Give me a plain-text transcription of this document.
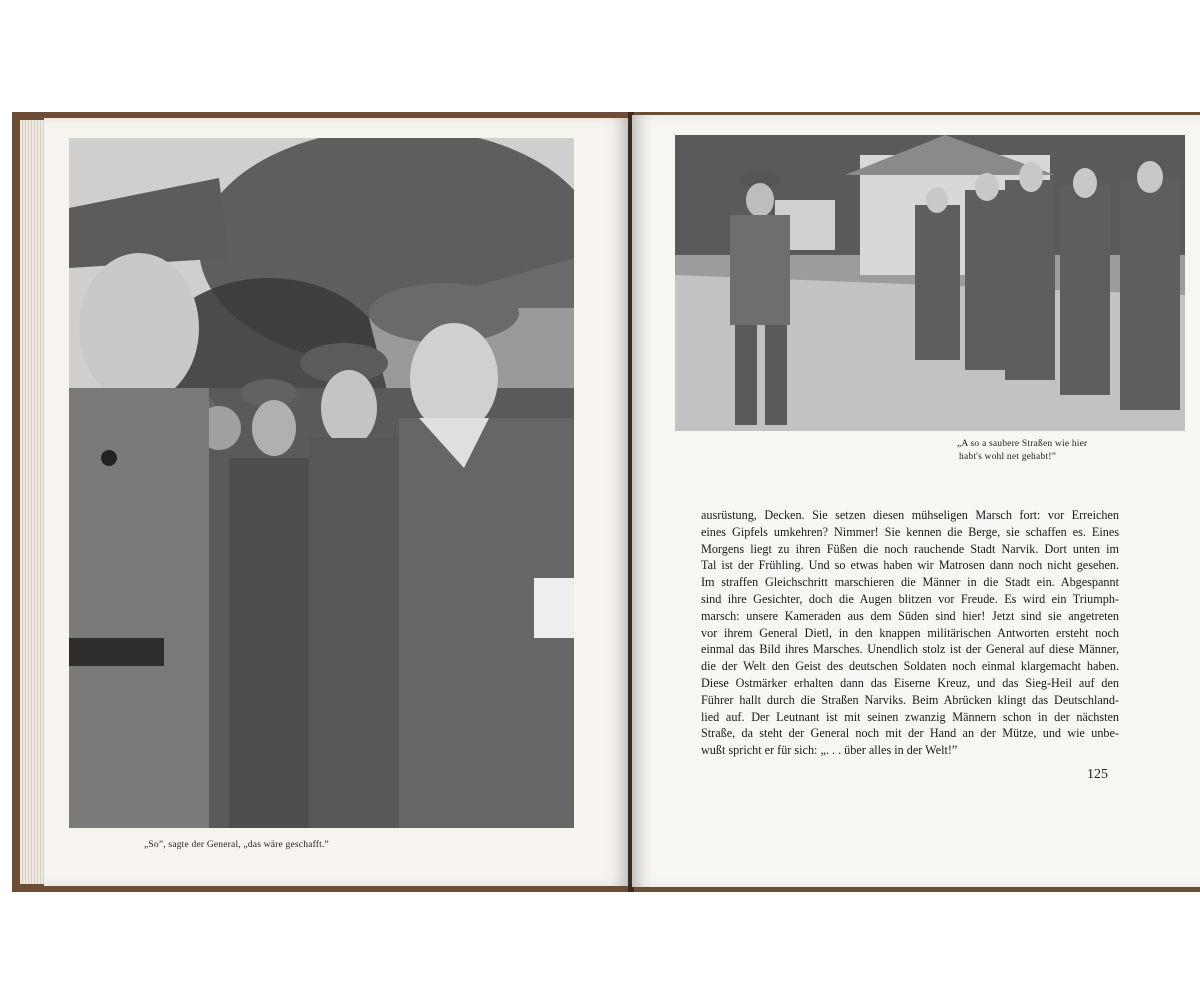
„So”, sagte der General, „das wäre geschafft.”
„A so a saubere Straßen wie hier
habt's wohl net gehabt!”
ausrüstung, Decken. Sie setzen diesen mühseligen Marsch fort: vor Erreichen
eines Gipfels umkehren? Nimmer! Sie kennen die Berge, sie schaffen es. Eines
Morgens liegt zu ihren Füßen die noch rauchende Stadt Narvik. Dort unten im
Tal ist der Frühling. Und so etwas haben wir Matrosen dann noch nicht gesehen.
Im straffen Gleichschritt marschieren die Männer in die Stadt ein. Abgespannt
sind ihre Gesichter, doch die Augen blitzen vor Freude. Es wird ein Triumph-
marsch: unsere Kameraden aus dem Süden sind hier! Jetzt sind sie angetreten
vor ihrem General Dietl, in den knappen militärischen Antworten ersteht noch
einmal das Bild ihres Marsches. Unendlich stolz ist der General auf diese Männer,
die der Welt den Geist des deutschen Soldaten noch einmal klargemacht haben.
Diese Ostmärker erhalten dann das Eiserne Kreuz, und das Sieg-Heil auf den
Führer hallt durch die Straßen Narviks. Beim Abrücken klingt das Deutschland-
lied auf. Der Leutnant ist mit seinen zwanzig Männern schon in der nächsten
Straße, da steht der General noch mit der Hand an der Mütze, und wie unbe-
wußt spricht er für sich: „. . . über alles in der Welt!”
125
